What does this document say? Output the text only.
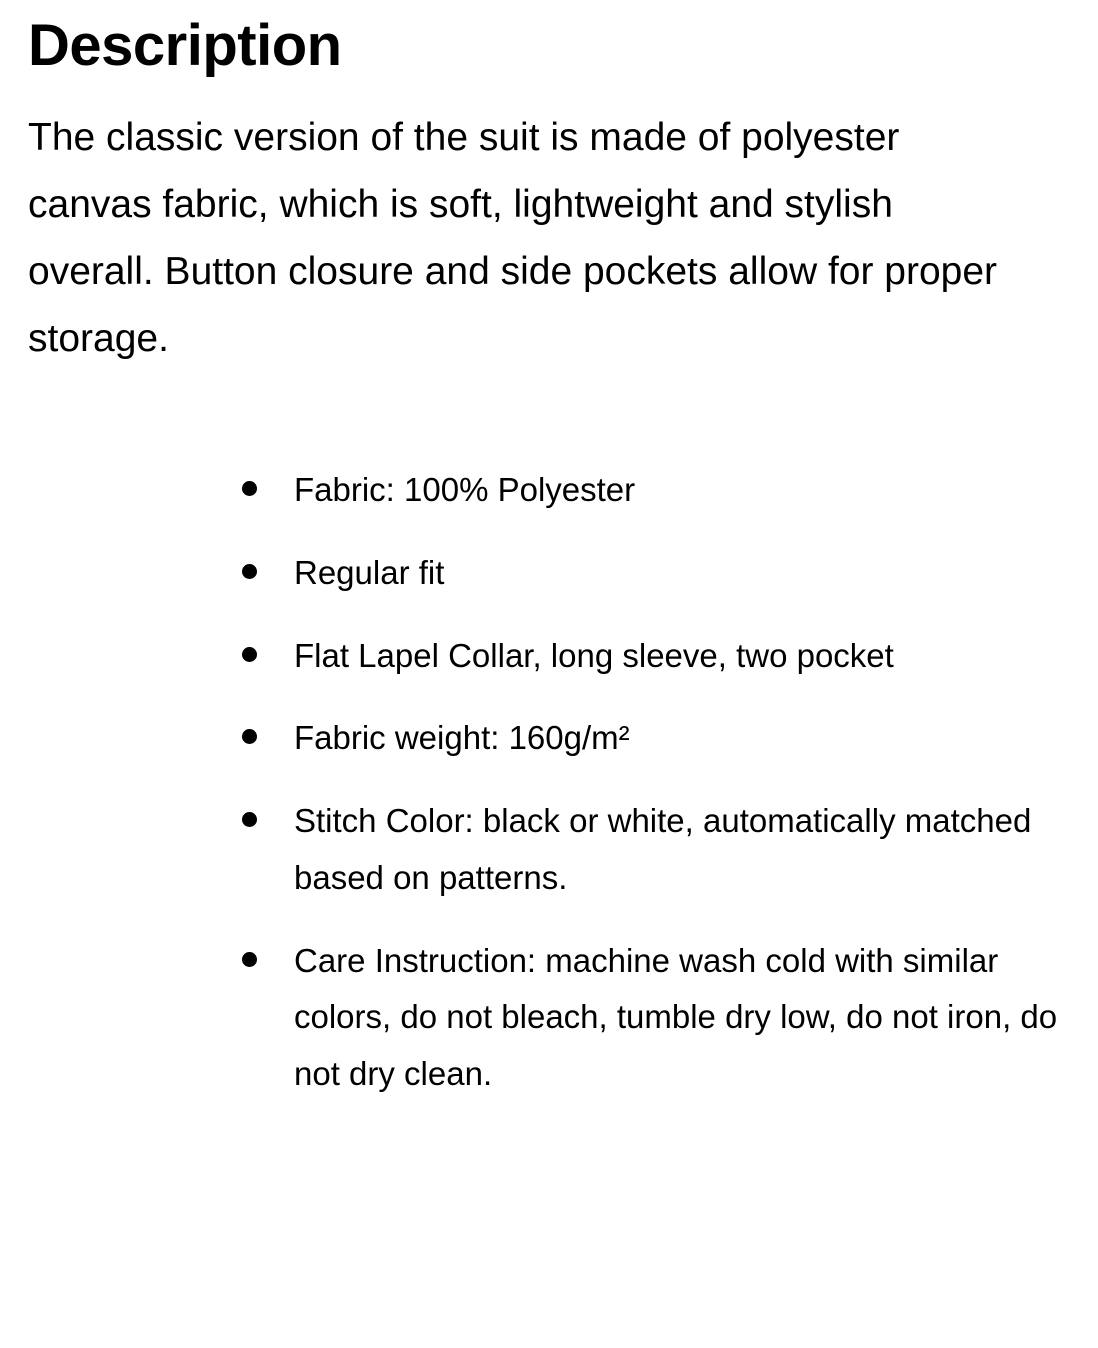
Description

The classic version of the suit is made of polyester canvas fabric, which is soft, lightweight and stylish overall. Button closure and side pockets allow for proper storage.

Fabric: 100% Polyester
Regular fit
Flat Lapel Collar, long sleeve, two pocket
Fabric weight: 160g/m²
Stitch Color: black or white, automatically matched based on patterns.
Care Instruction: machine wash cold with similar colors, do not bleach, tumble dry low, do not iron, do not dry clean.
